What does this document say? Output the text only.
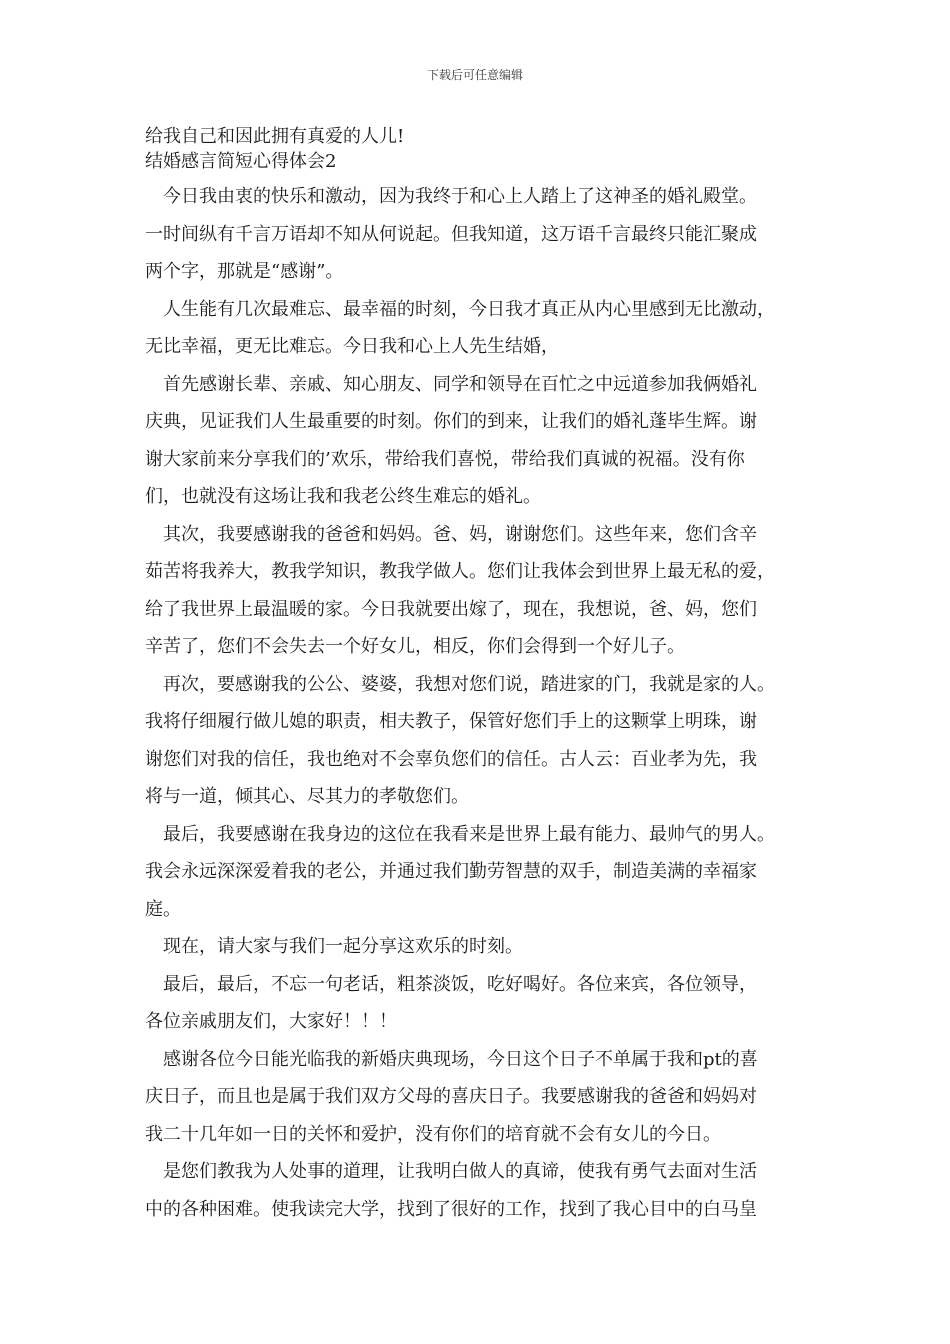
下载后可任意编辑
给我自己和因此拥有真爱的人儿!
结婚感言简短心得体会2
今日我由衷的快乐和激动，因为我终于和心上人踏上了这神圣的婚礼殿堂。
一时间纵有千言万语却不知从何说起。但我知道，这万语千言最终只能汇聚成
两个字，那就是“感谢”。
人生能有几次最难忘、最幸福的时刻，今日我才真正从内心里感到无比激动，
无比幸福，更无比难忘。今日我和心上人先生结婚，
首先感谢长辈、亲戚、知心朋友、同学和领导在百忙之中远道参加我俩婚礼
庆典，见证我们人生最重要的时刻。你们的到来，让我们的婚礼蓬毕生辉。谢
谢大家前来分享我们的’欢乐，带给我们喜悦，带给我们真诚的祝福。没有你
们，也就没有这场让我和我老公终生难忘的婚礼。
其次，我要感谢我的爸爸和妈妈。爸、妈，谢谢您们。这些年来，您们含辛
茹苦将我养大，教我学知识，教我学做人。您们让我体会到世界上最无私的爱，
给了我世界上最温暖的家。今日我就要出嫁了，现在，我想说，爸、妈，您们
辛苦了，您们不会失去一个好女儿，相反，你们会得到一个好儿子。
再次，要感谢我的公公、婆婆，我想对您们说，踏进家的门，我就是家的人。
我将仔细履行做儿媳的职责，相夫教子，保管好您们手上的这颗掌上明珠，谢
谢您们对我的信任，我也绝对不会辜负您们的信任。古人云：百业孝为先，我
将与一道，倾其心、尽其力的孝敬您们。
最后，我要感谢在我身边的这位在我看来是世界上最有能力、最帅气的男人。
我会永远深深爱着我的老公，并通过我们勤劳智慧的双手，制造美满的幸福家
庭。
现在，请大家与我们一起分享这欢乐的时刻。
最后，最后，不忘一句老话，粗茶淡饭，吃好喝好。各位来宾，各位领导，
各位亲戚朋友们，大家好！！！
感谢各位今日能光临我的新婚庆典现场，今日这个日子不单属于我和pt的喜
庆日子，而且也是属于我们双方父母的喜庆日子。我要感谢我的爸爸和妈妈对
我二十几年如一日的关怀和爱护，没有你们的培育就不会有女儿的今日。
是您们教我为人处事的道理，让我明白做人的真谛，使我有勇气去面对生活
中的各种困难。使我读完大学，找到了很好的工作，找到了我心目中的白马皇
